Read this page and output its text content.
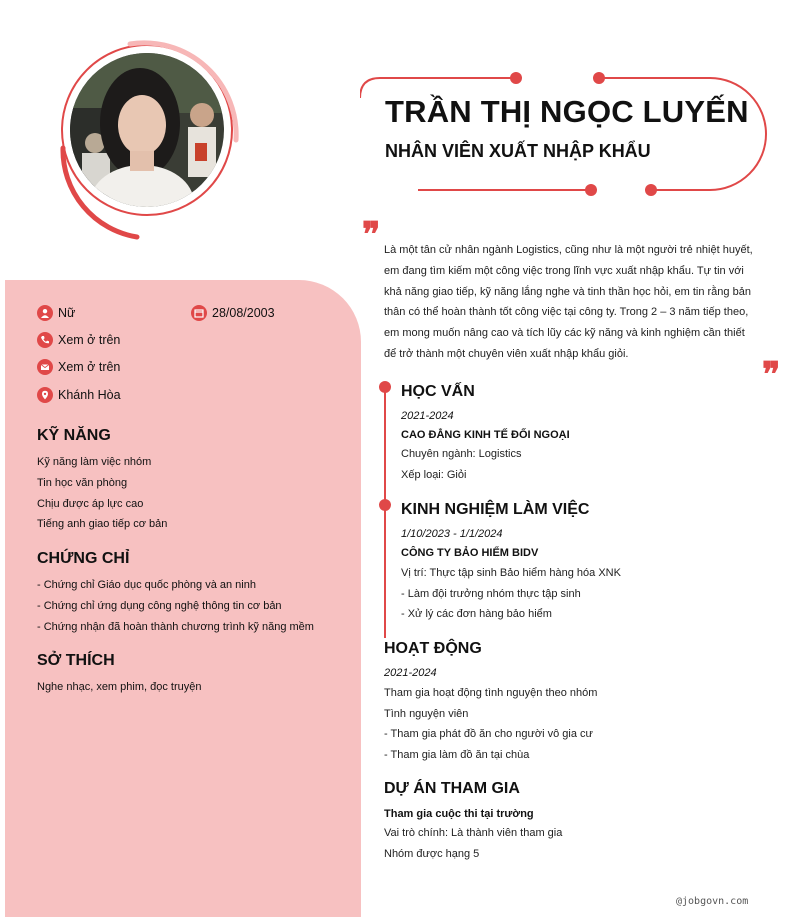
TRẦN THỊ NGỌC LUYẾN
NHÂN VIÊN XUẤT NHẬP KHẨU
❞ Là một tân cử nhân ngành Logistics, cũng như là một người trẻ nhiệt huyết, em đang tìm kiếm một công việc trong lĩnh vực xuất nhập khẩu. Tự tin với khả năng giao tiếp, kỹ năng lắng nghe và tinh thần học hỏi, em tin rằng bản thân có thể hoàn thành tốt công việc tại công ty. Trong 2 – 3 năm tiếp theo, em mong muốn nâng cao và tích lũy các kỹ năng và kinh nghiệm cần thiết để trở thành một chuyên viên xuất nhập khẩu giỏi.

❞
Nữ	28/08/2003
Xem ở trên
Xem ở trên
Khánh Hòa
KỸ NĂNG
Kỹ năng làm việc nhóm
Tin học văn phòng
Chịu được áp lực cao
Tiếng anh giao tiếp cơ bản
CHỨNG CHỈ
- Chứng chỉ Giáo dục quốc phòng và an ninh
- Chứng chỉ ứng dụng công nghệ thông tin cơ bản
- Chứng nhận đã hoàn thành chương trình kỹ năng mềm
SỞ THÍCH
Nghe nhạc, xem phim, đọc truyện
HỌC VẤN
2021-2024
CAO ĐẲNG KINH TẾ ĐỐI NGOẠI
Chuyên ngành: Logistics
Xếp loại: Giỏi
KINH NGHIỆM LÀM VIỆC
1/10/2023 - 1/1/2024
CÔNG TY BẢO HIỂM BIDV
Vị trí: Thực tập sinh Bảo hiểm hàng hóa XNK
- Làm đội trưởng nhóm thực tập sinh
- Xử lý các đơn hàng bảo hiểm
HOẠT ĐỘNG
2021-2024
Tham gia hoạt động tình nguyện theo nhóm
Tình nguyện viên
- Tham gia phát đồ ăn cho người vô gia cư
- Tham gia làm đồ ăn tại chùa
DỰ ÁN THAM GIA
Tham gia cuộc thi tại trường
Vai trò chính: Là thành viên tham gia
Nhóm được hạng 5
@jobgovn.com
